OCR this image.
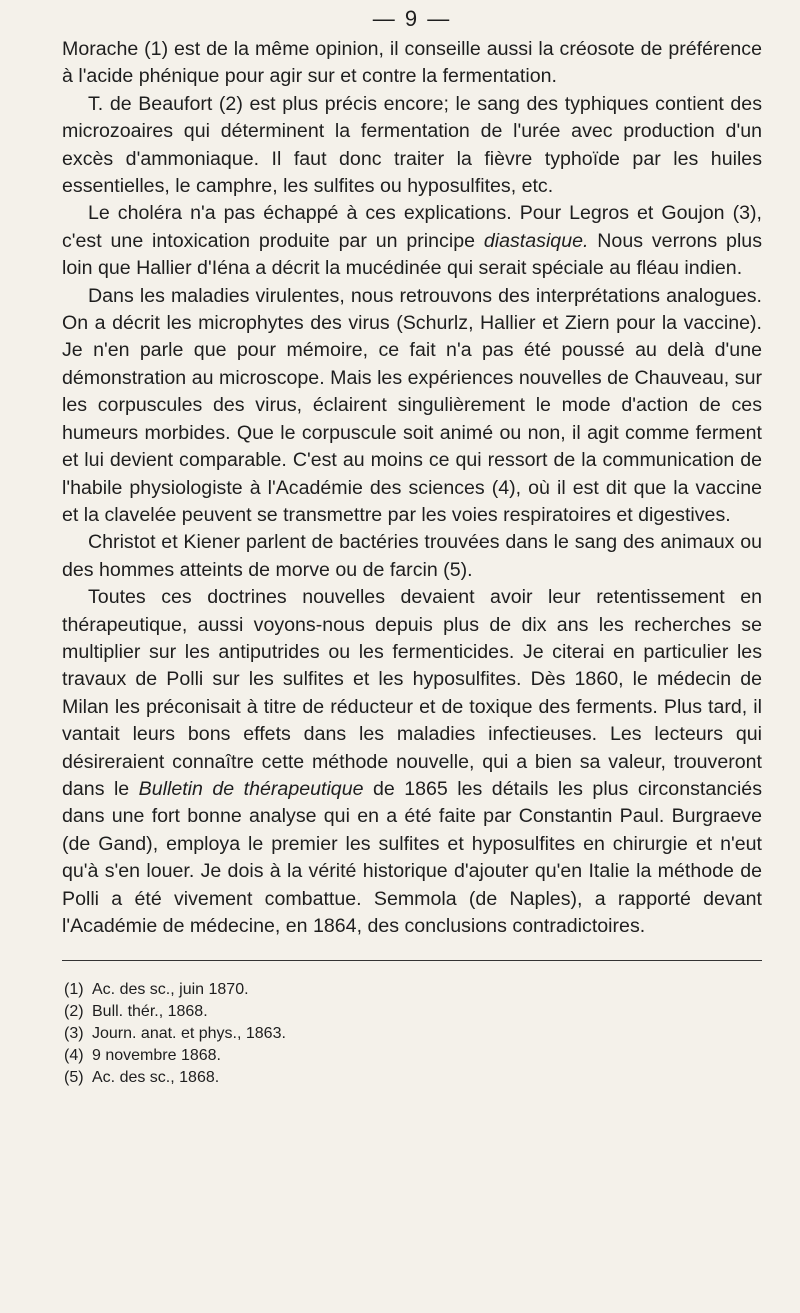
— 9 —

Morache (1) est de la même opinion, il conseille aussi la créosote de préférence à l'acide phénique pour agir sur et contre la fermentation.

T. de Beaufort (2) est plus précis encore; le sang des typhiques contient des microzoaires qui déterminent la fermentation de l'urée avec production d'un excès d'ammoniaque. Il faut donc traiter la fièvre typhoïde par les huiles essentielles, le camphre, les sulfites ou hyposulfites, etc.

Le choléra n'a pas échappé à ces explications. Pour Legros et Goujon (3), c'est une intoxication produite par un principe diastasique. Nous verrons plus loin que Hallier d'Iéna a décrit la mucédinée qui serait spéciale au fléau indien.

Dans les maladies virulentes, nous retrouvons des interprétations analogues. On a décrit les microphytes des virus (Schurlz, Hallier et Ziern pour la vaccine). Je n'en parle que pour mémoire, ce fait n'a pas été poussé au delà d'une démonstration au microscope. Mais les expériences nouvelles de Chauveau, sur les corpuscules des virus, éclairent singulièrement le mode d'action de ces humeurs morbides. Que le corpuscule soit animé ou non, il agit comme ferment et lui devient comparable. C'est au moins ce qui ressort de la communication de l'habile physiologiste à l'Académie des sciences (4), où il est dit que la vaccine et la clavelée peuvent se transmettre par les voies respiratoires et digestives.

Christot et Kiener parlent de bactéries trouvées dans le sang des animaux ou des hommes atteints de morve ou de farcin (5).

Toutes ces doctrines nouvelles devaient avoir leur retentissement en thérapeutique, aussi voyons-nous depuis plus de dix ans les recherches se multiplier sur les antiputrides ou les fermenticides. Je citerai en particulier les travaux de Polli sur les sulfites et les hyposulfites. Dès 1860, le médecin de Milan les préconisait à titre de réducteur et de toxique des ferments. Plus tard, il vantait leurs bons effets dans les maladies infectieuses. Les lecteurs qui désireraient connaître cette méthode nouvelle, qui a bien sa valeur, trouveront dans le Bulletin de thérapeutique de 1865 les détails les plus circonstanciés dans une fort bonne analyse qui en a été faite par Constantin Paul. Burgraeve (de Gand), employa le premier les sulfites et hyposulfites en chirurgie et n'eut qu'à s'en louer. Je dois à la vérité historique d'ajouter qu'en Italie la méthode de Polli a été vivement combattue. Semmola (de Naples), a rapporté devant l'Académie de médecine, en 1864, des conclusions contradictoires.

(1) Ac. des sc., juin 1870.
(2) Bull. thér., 1868.
(3) Journ. anat. et phys., 1863.
(4) 9 novembre 1868.
(5) Ac. des sc., 1868.
